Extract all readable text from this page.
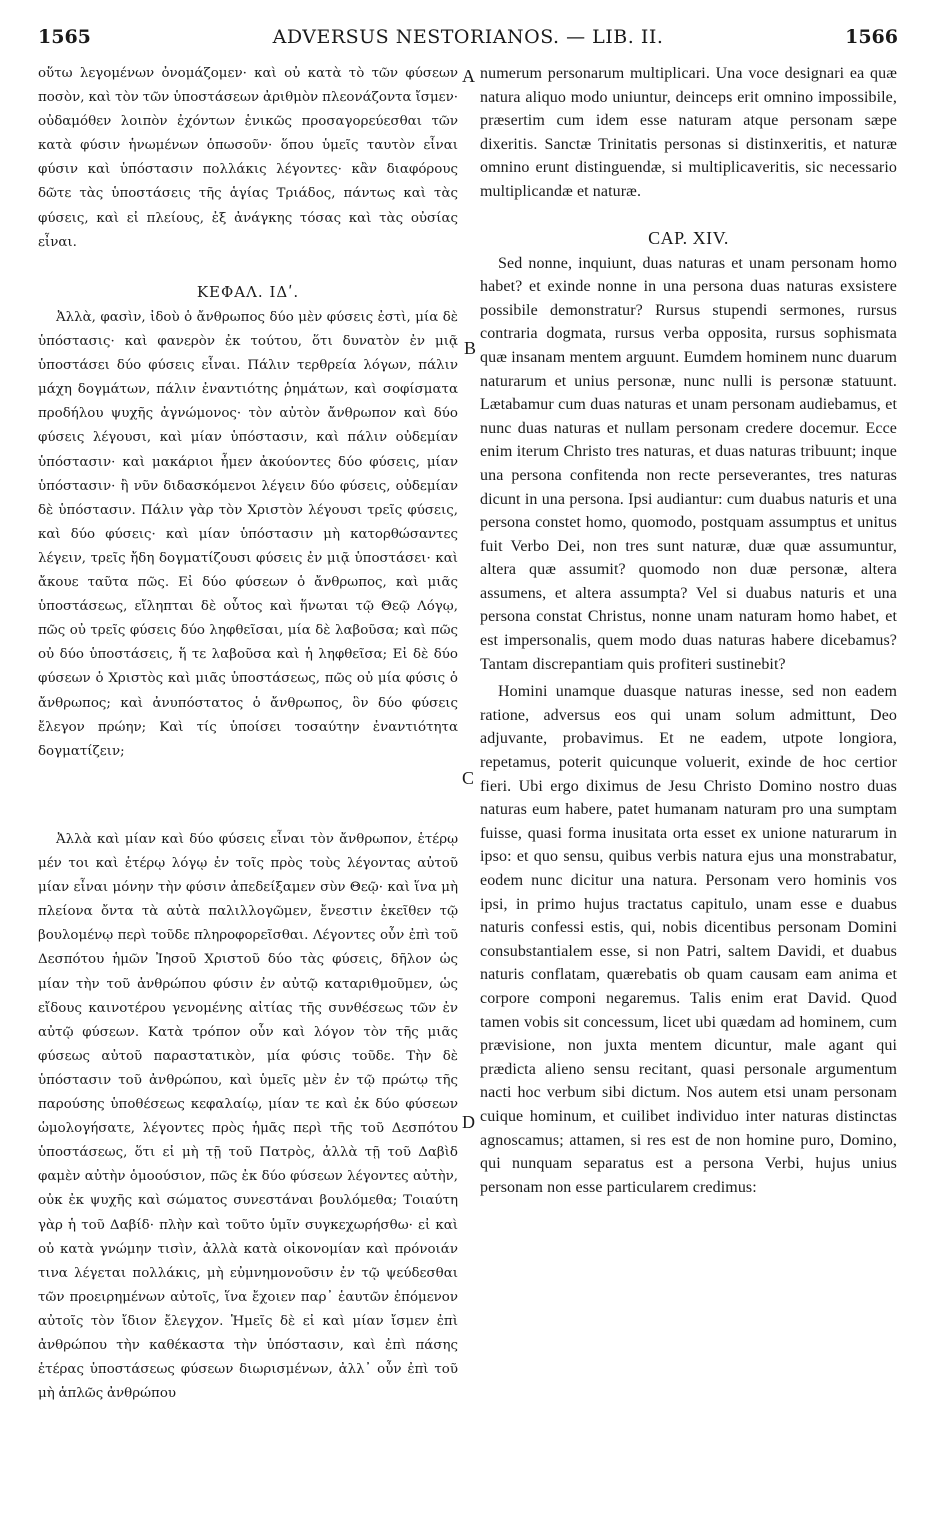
1565	ADVERSUS NESTORIANOS. — LIB. II.	1566

οὕτω λεγομένων ὀνομάζομεν· καὶ οὐ κατὰ τὸ τῶν φύσεων ποσὸν, καὶ τὸν τῶν ὑποστάσεων ἀριθμὸν πλεονάζοντα ἴσμεν· οὐδαμόθεν λοιπὸν ἐχόντων ἑνικῶς προσαγορεύεσθαι τῶν κατὰ φύσιν ἡνωμένων ὁπωσοῦν· ὅπου ὑμεῖς ταυτὸν εἶναι φύσιν καὶ ὑπόστασιν πολλάκις λέγοντες· κἂν διαφόρους δῶτε τὰς ὑποστάσεις τῆς ἁγίας Τριάδος, πάντως καὶ τὰς φύσεις, καὶ εἰ πλείους, ἐξ ἀνάγκης τόσας καὶ τὰς οὐσίας εἶναι.

ΚΕΦΑΛ. ΙΔʹ.

Ἀλλὰ, φασὶν, ἰδοὺ ὁ ἄνθρωπος δύο μὲν φύσεις ἐστὶ, μία δὲ ὑπόστασις· καὶ φανερὸν ἐκ τούτου, ὅτι δυνατὸν ἐν μιᾷ ὑποστάσει δύο φύσεις εἶναι. Πάλιν τερθρεία λόγων, πάλιν μάχη δογμάτων, πάλιν ἐναντιότης ῥημάτων, καὶ σοφίσματα προδήλου ψυχῆς ἀγνώμονος· τὸν αὐτὸν ἄνθρωπον καὶ δύο φύσεις λέγουσι, καὶ μίαν ὑπόστασιν, καὶ πάλιν οὐδεμίαν ὑπόστασιν· καὶ μακάριοι ἦμεν ἀκούοντες δύο φύσεις, μίαν ὑπόστασιν· ἢ νῦν διδασκόμενοι λέγειν δύο φύσεις, οὐδεμίαν δὲ ὑπόστασιν. Πάλιν γὰρ τὸν Χριστὸν λέγουσι τρεῖς φύσεις, καὶ δύο φύσεις· καὶ μίαν ὑπόστασιν μὴ κατορθώσαντες λέγειν, τρεῖς ἤδη δογματίζουσι φύσεις ἐν μιᾷ ὑποστάσει· καὶ ἄκουε ταῦτα πῶς. Εἰ δύο φύσεων ὁ ἄνθρωπος, καὶ μιᾶς ὑποστάσεως, εἴληπται δὲ οὗτος καὶ ἥνωται τῷ Θεῷ Λόγῳ, πῶς οὐ τρεῖς φύσεις δύο ληφθεῖσαι, μία δὲ λαβοῦσα; καὶ πῶς οὐ δύο ὑποστάσεις, ἥ τε λαβοῦσα καὶ ἡ ληφθεῖσα; Εἰ δὲ δύο φύσεων ὁ Χριστὸς καὶ μιᾶς ὑποστάσεως, πῶς οὐ μία φύσις ὁ ἄνθρωπος; καὶ ἀνυπόστατος ὁ ἄνθρωπος, ὃν δύο φύσεις ἔλεγον πρώην; Καὶ τίς ὑποίσει τοσαύτην ἐναντιότητα δογματίζειν;

Ἀλλὰ καὶ μίαν καὶ δύο φύσεις εἶναι τὸν ἄνθρωπον, ἑτέρῳ μέν τοι καὶ ἑτέρῳ λόγῳ ἐν τοῖς πρὸς τοὺς λέγοντας αὐτοῦ μίαν εἶναι μόνην τὴν φύσιν ἀπεδείξαμεν σὺν Θεῷ· καὶ ἵνα μὴ πλείονα ὄντα τὰ αὐτὰ παλιλλογῶμεν, ἔνεστιν ἐκεῖθεν τῷ βουλομένῳ περὶ τοῦδε πληροφορεῖσθαι. Λέγοντες οὖν ἐπὶ τοῦ Δεσπότου ἡμῶν Ἰησοῦ Χριστοῦ δύο τὰς φύσεις, δῆλον ὡς μίαν τὴν τοῦ ἀνθρώπου φύσιν ἐν αὐτῷ καταριθμοῦμεν, ὡς εἴδους καινοτέρου γενομένης αἰτίας τῆς συνθέσεως τῶν ἐν αὐτῷ φύσεων. Κατὰ τρόπον οὖν καὶ λόγον τὸν τῆς μιᾶς φύσεως αὐτοῦ παραστατικὸν, μία φύσις τοῦδε. Τὴν δὲ ὑπόστασιν τοῦ ἀνθρώπου, καὶ ὑμεῖς μὲν ἐν τῷ πρώτῳ τῆς παρούσης ὑποθέσεως κεφαλαίῳ, μίαν τε καὶ ἐκ δύο φύσεων ὡμολογήσατε, λέγοντες πρὸς ἡμᾶς περὶ τῆς τοῦ Δεσπότου ὑποστάσεως, ὅτι εἰ μὴ τῇ τοῦ Πατρὸς, ἀλλὰ τῇ τοῦ Δαβὶδ φαμὲν αὐτὴν ὁμοούσιον, πῶς ἐκ δύο φύσεων λέγοντες αὐτὴν, οὐκ ἐκ ψυχῆς καὶ σώματος συνεστάναι βουλόμεθα; Τοιαύτη γὰρ ἡ τοῦ Δαβίδ· πλὴν καὶ τοῦτο ὑμῖν συγκεχωρήσθω· εἰ καὶ οὐ κατὰ γνώμην τισὶν, ἀλλὰ κατὰ οἰκονομίαν καὶ πρόνοιάν τινα λέγεται πολλάκις, μὴ εὐμνημονοῦσιν ἐν τῷ ψεύδεσθαι τῶν προειρημένων αὐτοῖς, ἵνα ἔχοιεν παρ᾽ ἑαυτῶν ἑπόμενον αὐτοῖς τὸν ἴδιον ἔλεγχον. Ἡμεῖς δὲ εἰ καὶ μίαν ἴσμεν ἐπὶ ἀνθρώπου τὴν καθέκαστα τὴν ὑπόστασιν, καὶ ἐπὶ πάσης ἑτέρας ὑποστάσεως φύσεων διωρισμένων, ἀλλ᾽ οὖν ἐπὶ τοῦ μὴ ἁπλῶς ἀνθρώπου

numerum personarum multiplicari. Una voce designari ea quæ natura aliquo modo uniuntur, deinceps erit omnino impossibile, præsertim cum idem esse naturam atque personam sæpe dixeritis. Sanctæ Trinitatis personas si distinxeritis, et naturæ omnino erunt distinguendæ, si multiplicaveritis, sic necessario multiplicandæ et naturæ.

CAP. XIV.

Sed nonne, inquiunt, duas naturas et unam personam homo habet? et exinde nonne in una persona duas naturas exsistere possibile demonstratur? Rursus stupendi sermones, rursus contraria dogmata, rursus verba opposita, rursus sophismata quæ insanam mentem arguunt. Eumdem hominem nunc duarum naturarum et unius personæ, nunc nulli is personæ statuunt. Lætabamur cum duas naturas et unam personam audiebamus, et nunc duas naturas et nullam personam credere docemur. Ecce enim iterum Christo tres naturas, et duas naturas tribuunt; inque una persona confitenda non recte perseverantes, tres naturas dicunt in una persona. Ipsi audiantur: cum duabus naturis et una persona constet homo, quomodo, postquam assumptus et unitus fuit Verbo Dei, non tres sunt naturæ, duæ quæ assumuntur, altera quæ assumit? quomodo non duæ personæ, altera assumens, et altera assumpta? Vel si duabus naturis et una persona constat Christus, nonne unam naturam homo habet, et est impersonalis, quem modo duas naturas habere dicebamus? Tantam discrepantiam quis profiteri sustinebit?

Homini unamque duasque naturas inesse, sed non eadem ratione, adversus eos qui unam solum admittunt, Deo adjuvante, probavimus. Et ne eadem, utpote longiora, repetamus, poterit quicunque voluerit, exinde de hoc certior fieri. Ubi ergo diximus de Jesu Christo Domino nostro duas naturas eum habere, patet humanam naturam pro una sumptam fuisse, quasi forma inusitata orta esset ex unione naturarum in ipso: et quo sensu, quibus verbis natura ejus una monstrabatur, eodem nunc dicitur una natura. Personam vero hominis vos ipsi, in primo hujus tractatus capitulo, unam esse e duabus naturis confessi estis, qui, nobis dicentibus personam Domini consubstantialem esse, si non Patri, saltem Davidi, et duabus naturis conflatam, quærebatis ob quam causam eam anima et corpore componi negaremus. Talis enim erat David. Quod tamen vobis sit concessum, licet ubi quædam ad hominem, cum prævisione, non juxta mentem dicuntur, male agant qui prædicta alieno sensu recitant, quasi personale argumentum nacti hoc verbum sibi dictum. Nos autem etsi unam personam cuique hominum, et cuilibet individuo inter naturas distinctas agnoscamus; attamen, si res est de non homine puro, Domino, qui nunquam separatus est a persona Verbi, hujus unius personam non esse particularem credimus:

A
B
C
D
